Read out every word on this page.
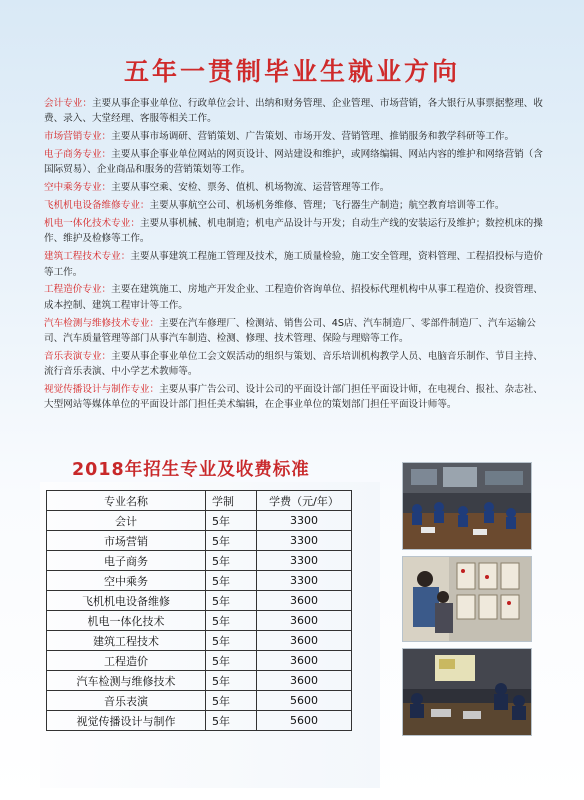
五年一贯制毕业生就业方向
会计专业：主要从事企事业单位、行政单位会计、出纳和财务管理、企业管理、市场营销，各大银行从事票据整理、收费、录入、大堂经理、客服等相关工作。
市场营销专业：主要从事市场调研、营销策划、广告策划、市场开发、营销管理、推销服务和教学科研等工作。
电子商务专业：主要从事企事业单位网站的网页设计、网站建设和维护，或网络编辑、网站内容的维护和网络营销（含国际贸易）、企业商品和服务的营销策划等工作。
空中乘务专业：主要从事空乘、安检、票务、值机、机场物流、运营管理等工作。
飞机机电设备维修专业：主要从事航空公司、机场机务维修、管理；飞行器生产制造；航空教育培训等工作。
机电一体化技术专业：主要从事机械、机电制造；机电产品设计与开发；自动生产线的安装运行及维护；数控机床的操作、维护及检修等工作。
建筑工程技术专业：主要从事建筑工程施工管理及技术，施工质量检验，施工安全管理，资料管理、工程招投标与造价等工作。
工程造价专业：主要在建筑施工、房地产开发企业、工程造价咨询单位、招投标代理机构中从事工程造价、投资管理、成本控制、建筑工程审计等工作。
汽车检测与维修技术专业：主要在汽车修理厂、检测站、销售公司、4S店、汽车制造厂、零部件制造厂、汽车运输公司、汽车质量管理等部门从事汽车制造、检测、修理、技术管理、保险与理赔等工作。
音乐表演专业：主要从事企事业单位工会文娱活动的组织与策划、音乐培训机构教学人员、电脑音乐制作、节目主持、流行音乐表演、中小学艺术教师等。
视觉传播设计与制作专业：主要从事广告公司、设计公司的平面设计部门担任平面设计师，在电视台、报社、杂志社、大型网站等媒体单位的平面设计部门担任美术编辑，在企事业单位的策划部门担任平面设计师等。
2018年招生专业及收费标准
专业名称	学制	学费（元/年）
会计	5年	3300
市场营销	5年	3300
电子商务	5年	3300
空中乘务	5年	3300
飞机机电设备维修	5年	3600
机电一体化技术	5年	3600
建筑工程技术	5年	3600
工程造价	5年	3600
汽车检测与维修技术	5年	3600
音乐表演	5年	5600
视觉传播设计与制作	5年	5600
